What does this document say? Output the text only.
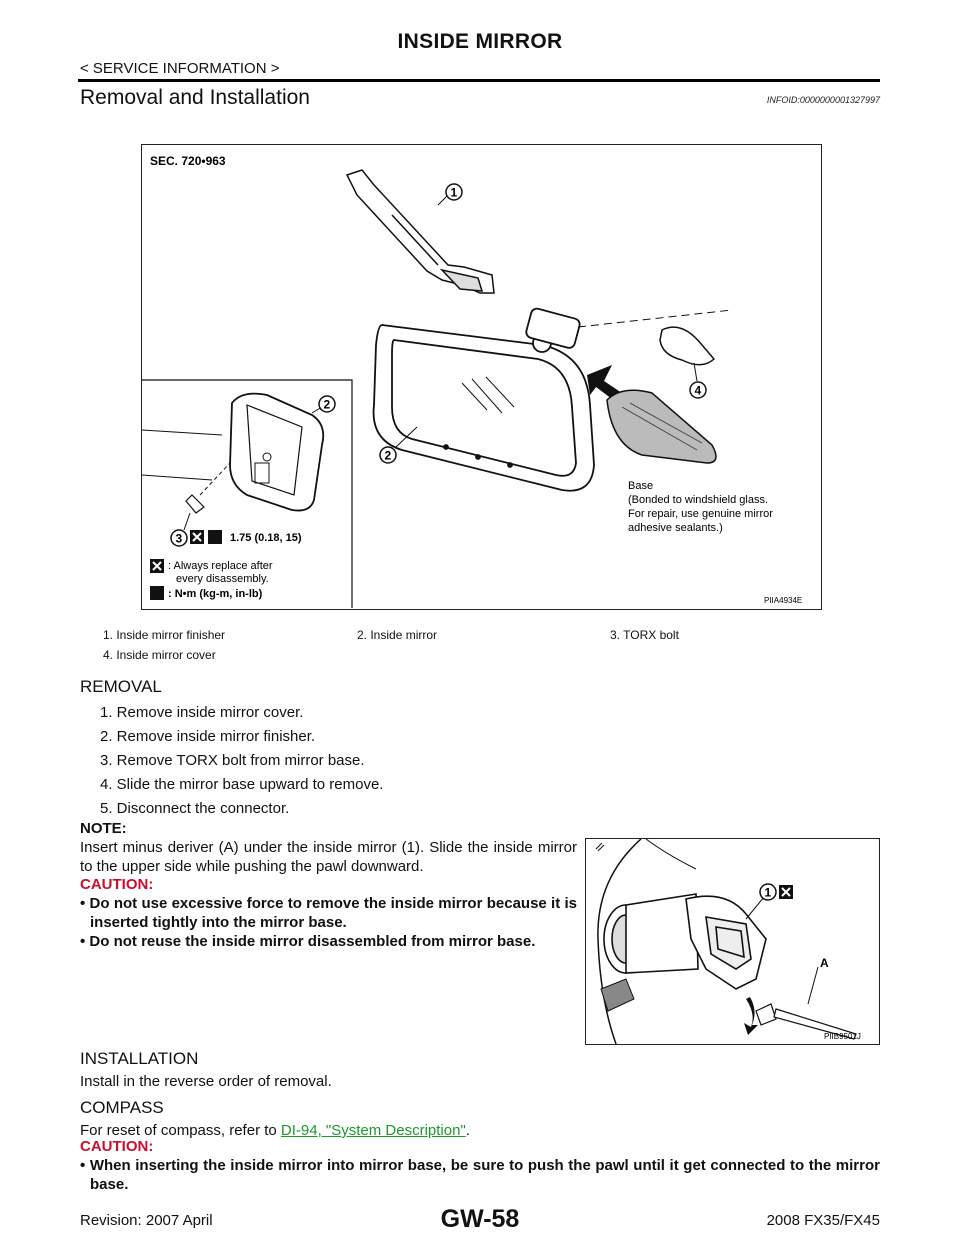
INSIDE MIRROR
< SERVICE INFORMATION >
Removal and Installation	INFOID:0000000001327997
SEC. 720•963
Base
(Bonded to windshield glass.
For repair, use genuine mirror
adhesive sealants.)
1
2
4
2
3	1.75 (0.18, 15)
: Always replace after
every disassembly.
: N•m (kg-m, in-lb)
PIIA4934E
1. Inside mirror finisher	2. Inside mirror	3. TORX bolt
4. Inside mirror cover
REMOVAL
1. Remove inside mirror cover.
2. Remove inside mirror finisher.
3. Remove TORX bolt from mirror base.
4. Slide the mirror base upward to remove.
5. Disconnect the connector.
NOTE:
Insert minus deriver (A) under the inside mirror (1). Slide the inside mirror to the upper side while pushing the pawl downward.
CAUTION:
• Do not use excessive force to remove the inside mirror because it is inserted tightly into the mirror base.
• Do not reuse the inside mirror disassembled from mirror base.
1
A
PIIB9501J
INSTALLATION
Install in the reverse order of removal.
COMPASS
For reset of compass, refer to DI-94, "System Description".
CAUTION:
• When inserting the inside mirror into mirror base, be sure to push the pawl until it get connected to the mirror base.
GW-58
Revision: 2007 April	2008 FX35/FX45
